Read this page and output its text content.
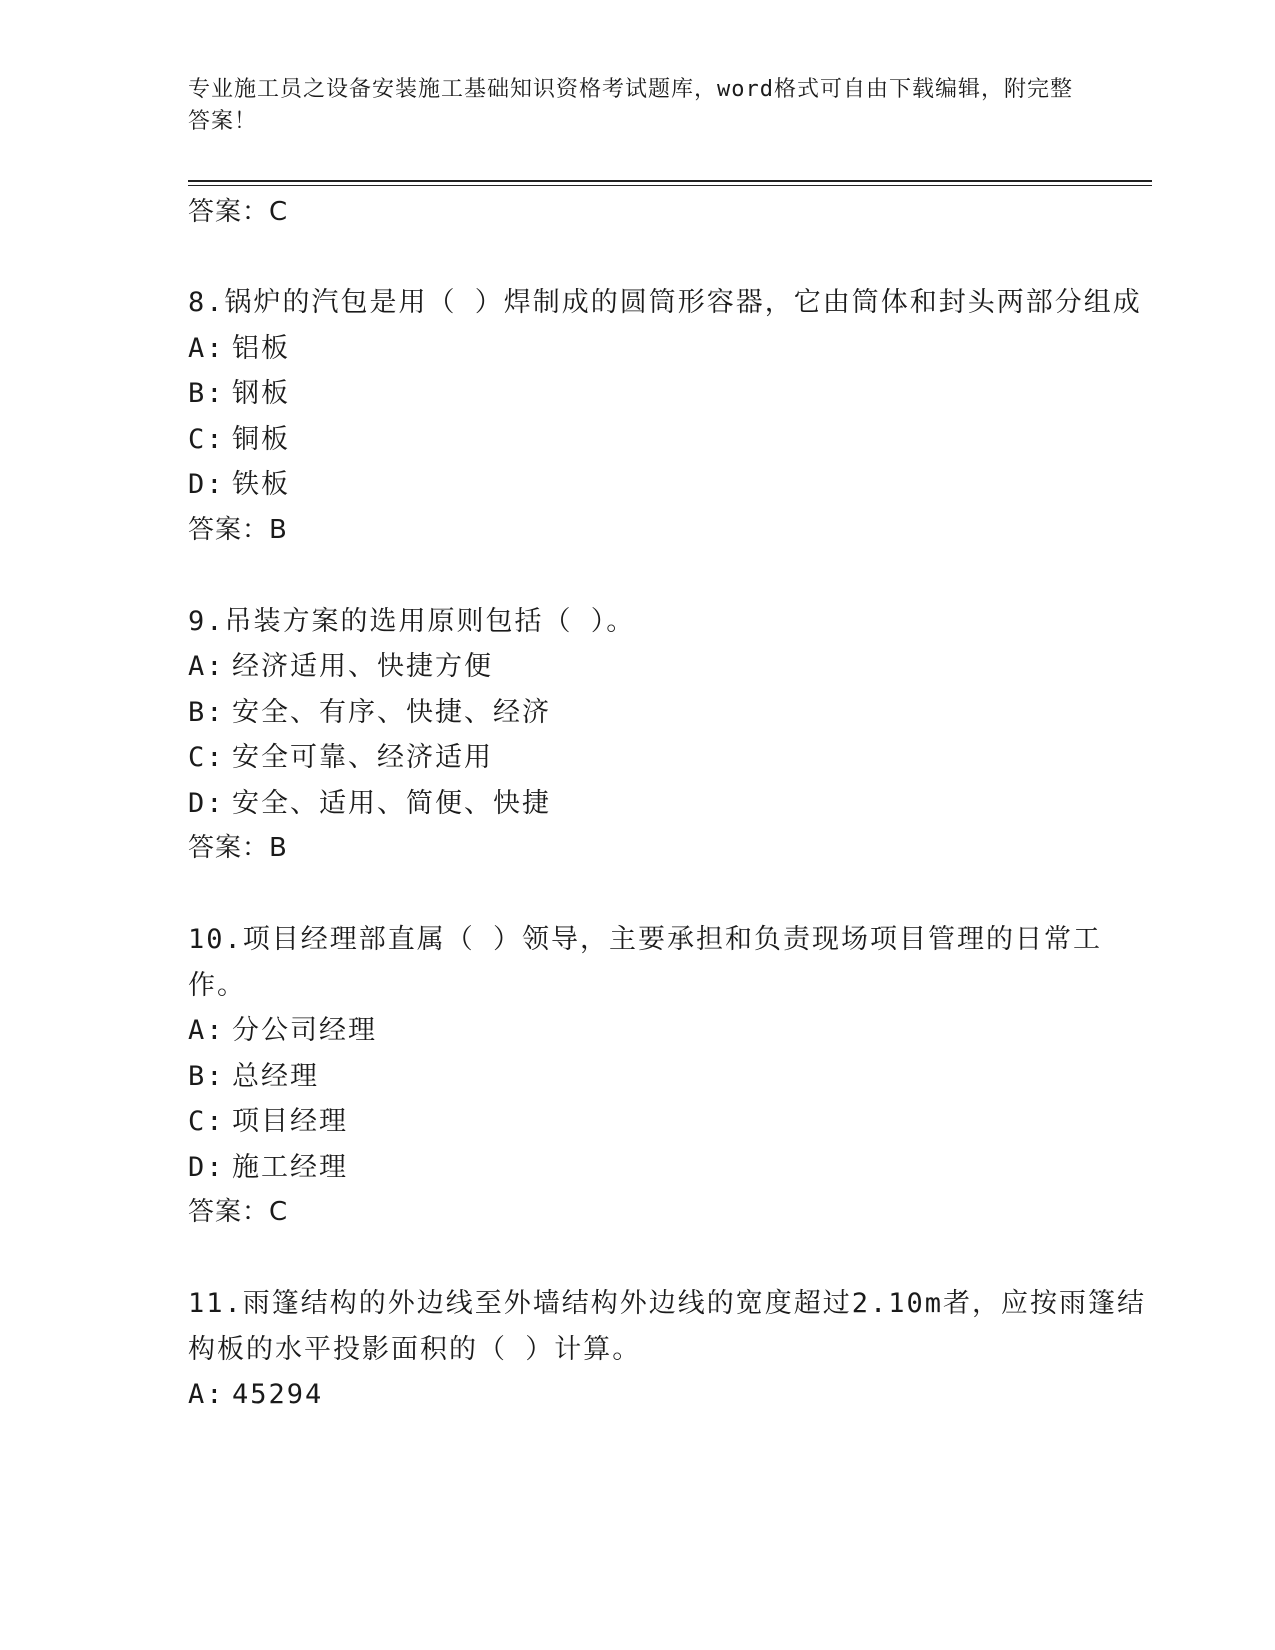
专业施工员之设备安装施工基础知识资格考试题库，word格式可自由下载编辑，附完整答案！
答案：C
8.锅炉的汽包是用（ ）焊制成的圆筒形容器，它由筒体和封头两部分组成
A: 铝板
B: 钢板
C: 铜板
D: 铁板
答案：B
9.吊装方案的选用原则包括（ ）。
A: 经济适用、快捷方便
B: 安全、有序、快捷、经济
C: 安全可靠、经济适用
D: 安全、适用、简便、快捷
答案：B
10.项目经理部直属（ ）领导，主要承担和负责现场项目管理的日常工作。
A: 分公司经理
B: 总经理
C: 项目经理
D: 施工经理
答案：C
11.雨篷结构的外边线至外墙结构外边线的宽度超过2.10m者，应按雨篷结构板的水平投影面积的（ ）计算。
A: 45294
